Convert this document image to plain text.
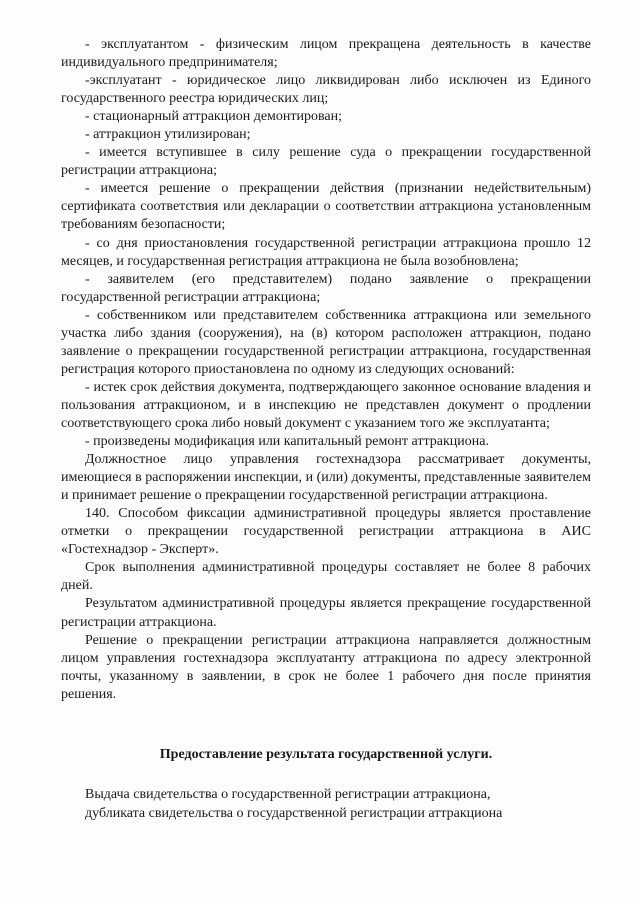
- эксплуатантом - физическим лицом прекращена деятельность в качестве индивидуального предпринимателя;

-эксплуатант - юридическое лицо ликвидирован либо исключен из Единого государственного реестра юридических лиц;

- стационарный аттракцион демонтирован;

- аттракцион утилизирован;

- имеется вступившее в силу решение суда о прекращении государственной регистрации аттракциона;

- имеется решение о прекращении действия (признании недействительным) сертификата соответствия или декларации о соответствии аттракциона установленным требованиям безопасности;

- со дня приостановления государственной регистрации аттракциона прошло 12 месяцев, и государственная регистрация аттракциона не была возобновлена;

- заявителем (его представителем) подано заявление о прекращении государственной регистрации аттракциона;

- собственником или представителем собственника аттракциона или земельного участка либо здания (сооружения), на (в) котором расположен аттракцион, подано заявление о прекращении государственной регистрации аттракциона, государственная регистрация которого приостановлена по одному из следующих оснований:

- истек срок действия документа, подтверждающего законное основание владения и пользования аттракционом, и в инспекцию не представлен документ о продлении соответствующего срока либо новый документ с указанием того же эксплуатанта;

- произведены модификация или капитальный ремонт аттракциона.

Должностное лицо управления гостехнадзора рассматривает документы, имеющиеся в распоряжении инспекции, и (или) документы, представленные заявителем и принимает решение о прекращении государственной регистрации аттракциона.

140. Способом фиксации административной процедуры является проставление отметки о прекращении государственной регистрации аттракциона в АИС «Гостехнадзор - Эксперт».

Срок выполнения административной процедуры составляет не более 8 рабочих дней.

Результатом административной процедуры является прекращение государственной регистрации аттракциона.

Решение о прекращении регистрации аттракциона направляется должностным лицом управления гостехнадзора эксплуатанту аттракциона по адресу электронной почты, указанному в заявлении, в срок не более 1 рабочего дня после принятия решения.

Предоставление результата государственной услуги.

Выдача свидетельства о государственной регистрации аттракциона,

дубликата свидетельства о государственной регистрации аттракциона
